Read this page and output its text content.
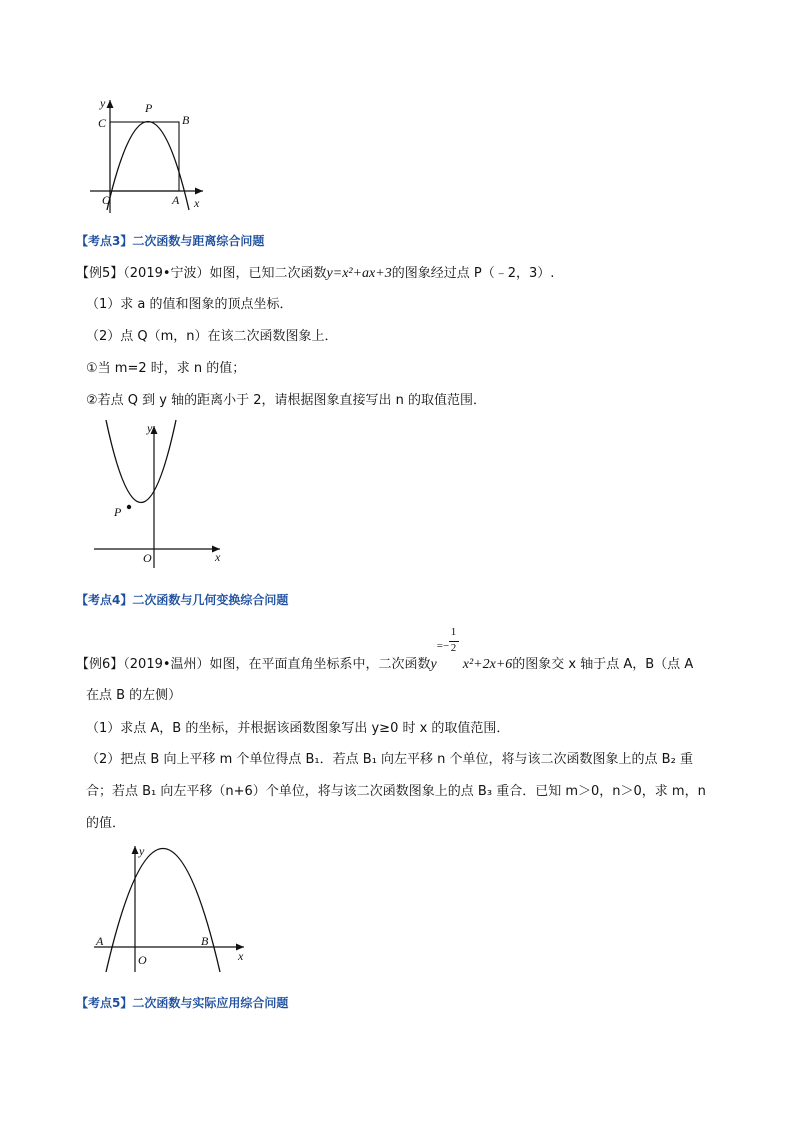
y
C
P
B
O	A x
【考点3】二次函数与距离综合问题
【例5】（2019•宁波）如图，已知二次函数y=x²+ax+3的图象经过点 P（﹣2，3）.
（1）求 a 的值和图象的顶点坐标．
（2）点 Q（m，n）在该二次函数图象上．
①当 m=2 时，求 n 的值；
②若点 Q 到 y 轴的距离小于 2，请根据图象直接写出 n 的取值范围．
y
P
O	x
【考点4】二次函数与几何变换综合问题
【例6】（2019•温州）如图，在平面直角坐标系中，二次函数y
=−
1
2
x²+2x+6的图象交 x 轴于点 A，B（点 A
在点 B 的左侧）
（1）求点 A，B 的坐标，并根据该函数图象写出 y≥0 时 x 的取值范围．
（2）把点 B 向上平移 m 个单位得点 B₁．若点 B₁ 向左平移 n 个单位，将与该二次函数图象上的点 B₂ 重
合；若点 B₁ 向左平移（n+6）个单位，将与该二次函数图象上的点 B₃ 重合．已知 m＞0，n＞0，求 m，n
的值．
y
A	B
O	x
【考点5】二次函数与实际应用综合问题
